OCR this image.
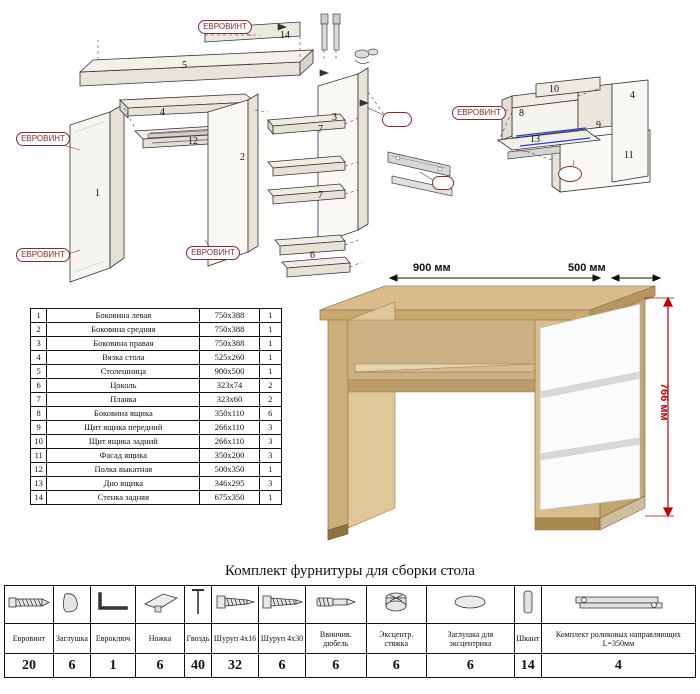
ЕВРОВИНТ
ЕВРОВИНТ	ЕВРОВИНТ
ЕВРОВИНТ
ЕВРОВИНТ
1
2
3
4
5
6
7
7
8
9
10
11
12	13
14
4
1	Боковина левая	750x388	1
2	Боковина средняя	750x388	1
3	Боковина правая	750x388	1
4	Вязка стола	525x260	1
5	Столешница	900x500	1
6	Цоколь	323x74	2
7	Планка	323x60	2
8	Боковина ящика	350x110	6
9	Щит ящика передний	266x110	3
10	Щит ящика задний	266x110	3
11	Фасад ящика	350x200	3
12	Полка выкатная	500x350	1
13	Дно ящика	346x295	3
14	Стенка задняя	675x350	1
900 мм	500 мм
766 мм
Комплект фурнитуры для сборки стола

Евровинт	Заглушка	Евроключ	Ножка	Гвоздь	Шуруп 4х16	Шуруп 4х30	Ввинчив. дюбель	Эксцентр. стяжка	Заглушка для эксцентрика	Шкант	Комплект роликовых направляющих L=350мм
20	6	1	6	40	32	6	6	6	6	14	4
